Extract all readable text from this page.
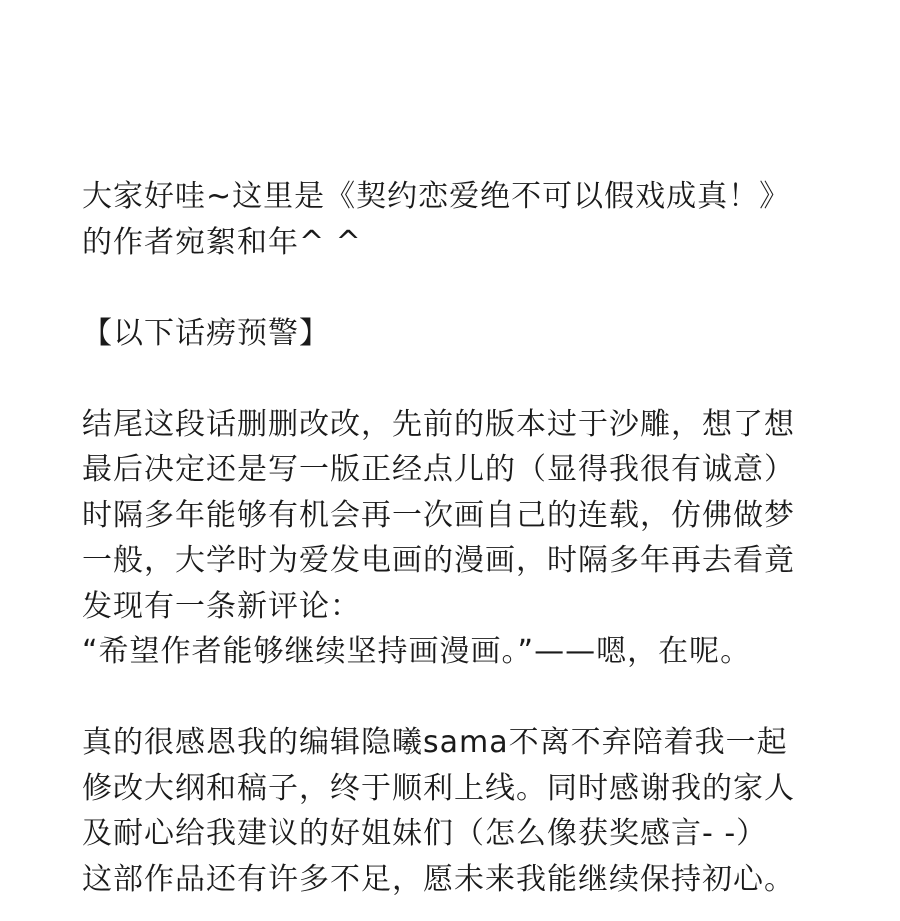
大家好哇~这里是《契约恋爱绝不可以假戏成真！》
的作者宛絮和年^ ^
【以下话痨预警】
结尾这段话删删改改，先前的版本过于沙雕，想了想
最后决定还是写一版正经点儿的（显得我很有诚意）
时隔多年能够有机会再一次画自己的连载，仿佛做梦
一般，大学时为爱发电画的漫画，时隔多年再去看竟
发现有一条新评论：
“希望作者能够继续坚持画漫画。”——嗯，在呢。
真的很感恩我的编辑隐曦sama不离不弃陪着我一起
修改大纲和稿子，终于顺利上线。同时感谢我的家人
及耐心给我建议的好姐妹们（怎么像获奖感言- -）
这部作品还有许多不足，愿未来我能继续保持初心。
